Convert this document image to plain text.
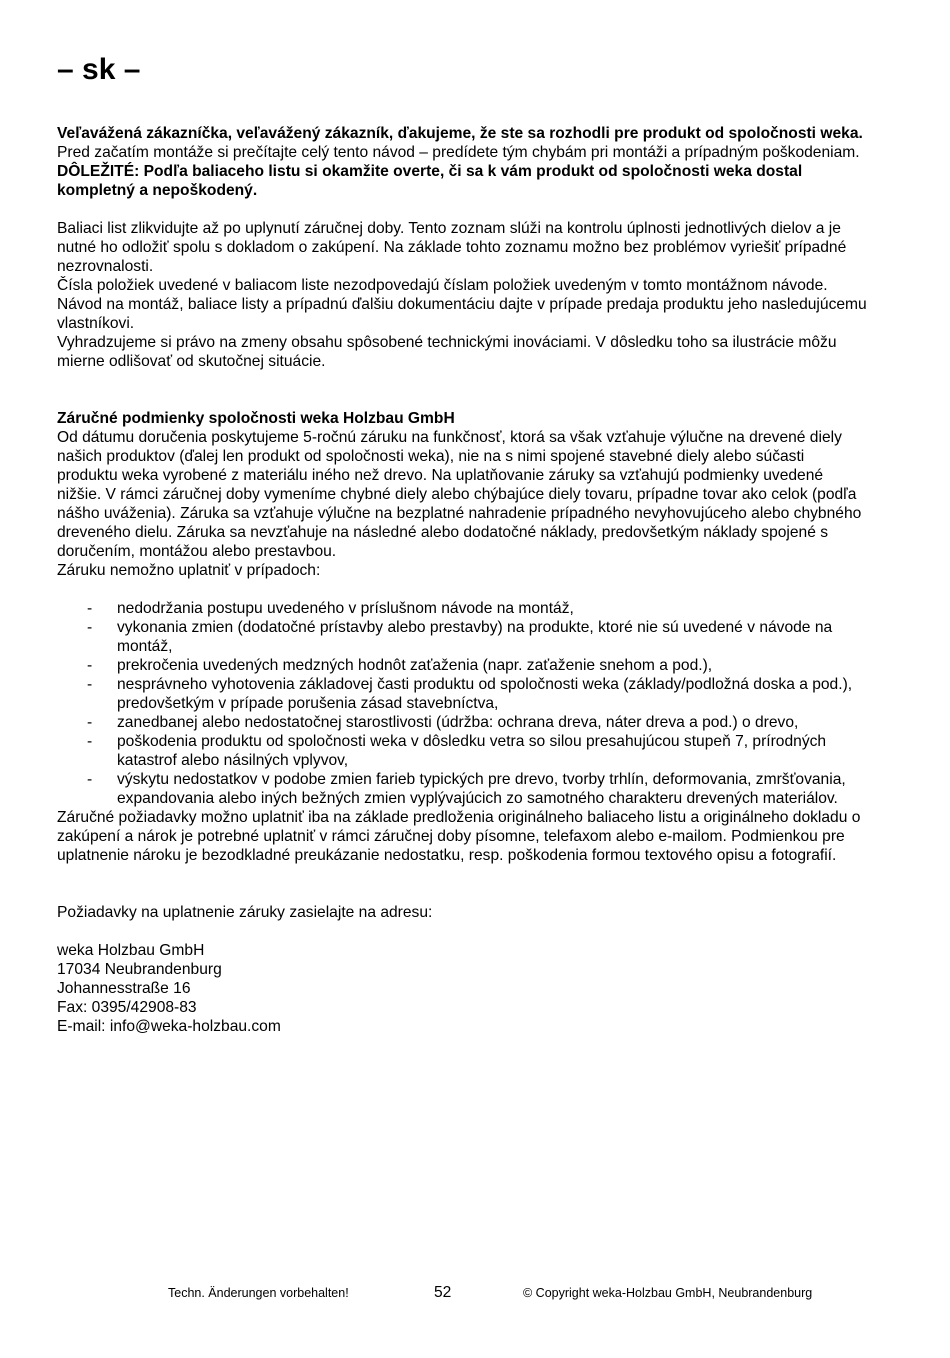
– sk –

Veľavážená zákazníčka, veľavážený zákazník, ďakujeme, že ste sa rozhodli pre produkt od spoločnosti weka.

Pred začatím montáže si prečítajte celý tento návod – predídete tým chybám pri montáži a prípadným poškodeniam.

DÔLEŽITÉ: Podľa baliaceho listu si okamžite overte, či sa k vám produkt od spoločnosti weka dostal kompletný a nepoškodený.

Baliaci list zlikvidujte až po uplynutí záručnej doby. Tento zoznam slúži na kontrolu úplnosti jednotlivých dielov a je nutné ho odložiť spolu s dokladom o zakúpení. Na základe tohto zoznamu možno bez problémov vyriešiť prípadné nezrovnalosti.

Čísla položiek uvedené v baliacom liste nezodpovedajú číslam položiek uvedeným v tomto montážnom návode.

Návod na montáž, baliace listy a prípadnú ďalšiu dokumentáciu dajte v prípade predaja produktu jeho nasledujúcemu vlastníkovi.

Vyhradzujeme si právo na zmeny obsahu spôsobené technickými inováciami. V dôsledku toho sa ilustrácie môžu mierne odlišovať od skutočnej situácie.

Záručné podmienky spoločnosti weka Holzbau GmbH

Od dátumu doručenia poskytujeme 5-ročnú záruku na funkčnosť, ktorá sa však vzťahuje výlučne na drevené diely našich produktov (ďalej len produkt od spoločnosti weka), nie na s nimi spojené stavebné diely alebo súčasti produktu weka vyrobené z materiálu iného než drevo. Na uplatňovanie záruky sa vzťahujú podmienky uvedené nižšie. V rámci záručnej doby vymeníme chybné diely alebo chýbajúce diely tovaru, prípadne tovar ako celok (podľa nášho uváženia). Záruka sa vzťahuje výlučne na bezplatné nahradenie prípadného nevyhovujúceho alebo chybného dreveného dielu. Záruka sa nevzťahuje na následné alebo dodatočné náklady, predovšetkým náklady spojené s doručením, montážou alebo prestavbou.

Záruku nemožno uplatniť v prípadoch:

- nedodržania postupu uvedeného v príslušnom návode na montáž,
- vykonania zmien (dodatočné prístavby alebo prestavby) na produkte, ktoré nie sú uvedené v návode na montáž,
- prekročenia uvedených medzných hodnôt zaťaženia (napr. zaťaženie snehom a pod.),
- nesprávneho vyhotovenia základovej časti produktu od spoločnosti weka (základy/podložná doska a pod.), predovšetkým v prípade porušenia zásad stavebníctva,
- zanedbanej alebo nedostatočnej starostlivosti (údržba: ochrana dreva, náter dreva a pod.) o drevo,
- poškodenia produktu od spoločnosti weka v dôsledku vetra so silou presahujúcou stupeň 7, prírodných katastrof alebo násilných vplyvov,
- výskytu nedostatkov v podobe zmien farieb typických pre drevo, tvorby trhlín, deformovania, zmršťovania, expandovania alebo iných bežných zmien vyplývajúcich zo samotného charakteru drevených materiálov.

Záručné požiadavky možno uplatniť iba na základe predloženia originálneho baliaceho listu a originálneho dokladu o zakúpení a nárok je potrebné uplatniť v rámci záručnej doby písomne, telefaxom alebo e-mailom. Podmienkou pre uplatnenie nároku je bezodkladné preukázanie nedostatku, resp. poškodenia formou textového opisu a fotografií.

Požiadavky na uplatnenie záruky zasielajte na adresu:

weka Holzbau GmbH

17034 Neubrandenburg

Johannesstraße 16

Fax: 0395/42908-83

E-mail: info@weka-holzbau.com

Techn. Änderungen vorbehalten!	52	© Copyright weka-Holzbau GmbH, Neubrandenburg
